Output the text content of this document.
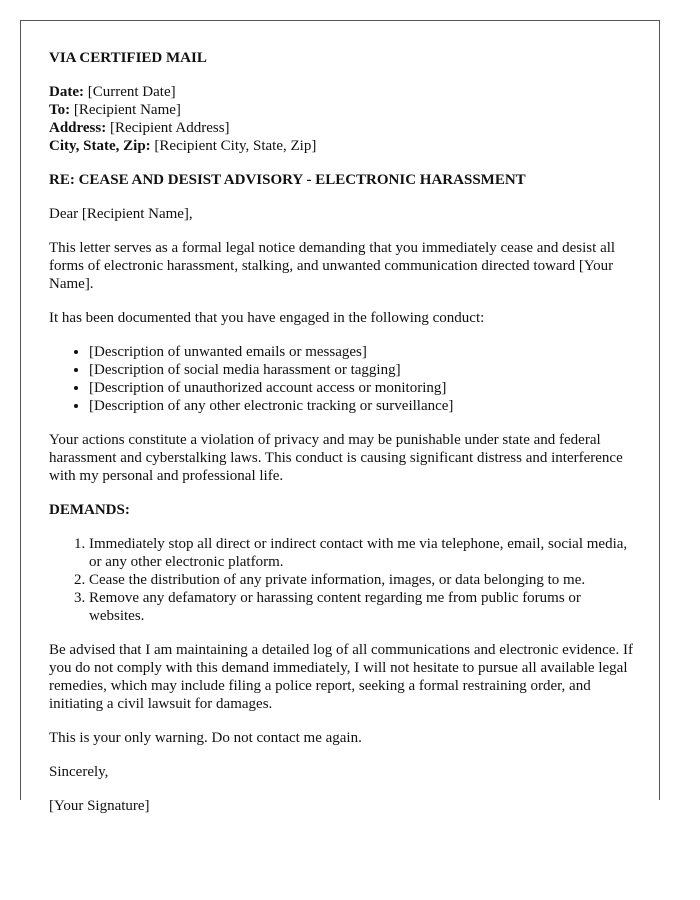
VIA CERTIFIED MAIL

Date: [Current Date]
To: [Recipient Name]
Address: [Recipient Address]
City, State, Zip: [Recipient City, State, Zip]

RE: CEASE AND DESIST ADVISORY - ELECTRONIC HARASSMENT

Dear [Recipient Name],

This letter serves as a formal legal notice demanding that you immediately cease and desist all forms of electronic harassment, stalking, and unwanted communication directed toward [Your Name].

It has been documented that you have engaged in the following conduct:

• [Description of unwanted emails or messages]
• [Description of social media harassment or tagging]
• [Description of unauthorized account access or monitoring]
• [Description of any other electronic tracking or surveillance]

Your actions constitute a violation of privacy and may be punishable under state and federal harassment and cyberstalking laws. This conduct is causing significant distress and interference with my personal and professional life.

DEMANDS:

1. Immediately stop all direct or indirect contact with me via telephone, email, social media, or any other electronic platform.
2. Cease the distribution of any private information, images, or data belonging to me.
3. Remove any defamatory or harassing content regarding me from public forums or websites.

Be advised that I am maintaining a detailed log of all communications and electronic evidence. If you do not comply with this demand immediately, I will not hesitate to pursue all available legal remedies, which may include filing a police report, seeking a formal restraining order, and initiating a civil lawsuit for damages.

This is your only warning. Do not contact me again.

Sincerely,

[Your Signature]
